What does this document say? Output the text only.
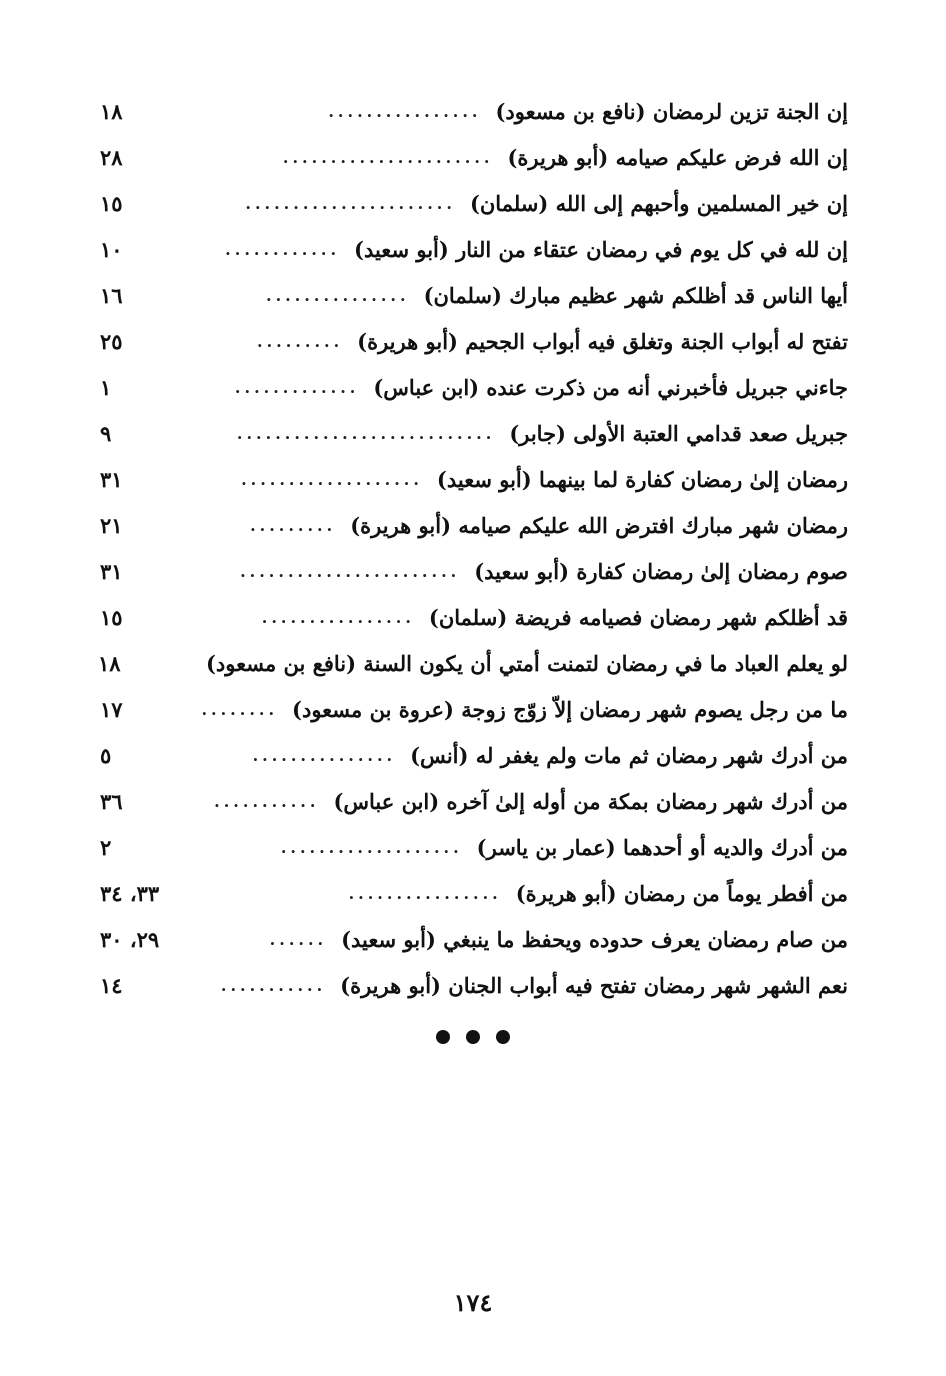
إن الجنة تزين لرمضان (نافع بن مسعود)
................
١٨
إن الله فرض عليكم صيامه (أبو هريرة)
......................
٢٨
إن خير المسلمين وأحبهم إلى الله (سلمان)
......................
١٥
إن لله في كل يوم في رمضان عتقاء من النار (أبو سعيد)
............
١٠
أيها الناس قد أظلكم شهر عظيم مبارك (سلمان)
...............
١٦
تفتح له أبواب الجنة وتغلق فيه أبواب الجحيم (أبو هريرة)
.........
٢٥
جاءني جبريل فأخبرني أنه من ذكرت عنده (ابن عباس)
.............
١
جبريل صعد قدامي العتبة الأولى (جابر)
...........................
٩
رمضان إلىٰ رمضان كفارة لما بينهما (أبو سعيد)
...................
٣١
رمضان شهر مبارك افترض الله عليكم صيامه (أبو هريرة)
.........
٢١
صوم رمضان إلىٰ رمضان كفارة (أبو سعيد)
.......................
٣١
قد أظلكم شهر رمضان فصيامه فريضة (سلمان)
................
١٥
لو يعلم العباد ما في رمضان لتمنت أمتي أن يكون السنة (نافع بن مسعود)
١٨
ما من رجل يصوم شهر رمضان إلاّ زوّج زوجة (عروة بن مسعود)
........
١٧
من أدرك شهر رمضان ثم مات ولم يغفر له (أنس)
...............
٥
من أدرك شهر رمضان بمكة من أوله إلىٰ آخره (ابن عباس)
...........
٣٦
من أدرك والديه أو أحدهما (عمار بن ياسر)
...................
٢
من أفطر يوماً من رمضان (أبو هريرة)
................
٣٣، ٣٤
من صام رمضان يعرف حدوده ويحفظ ما ينبغي (أبو سعيد)
......
٢٩، ٣٠
نعم الشهر شهر رمضان تفتح فيه أبواب الجنان (أبو هريرة)
...........
١٤
١٧٤
